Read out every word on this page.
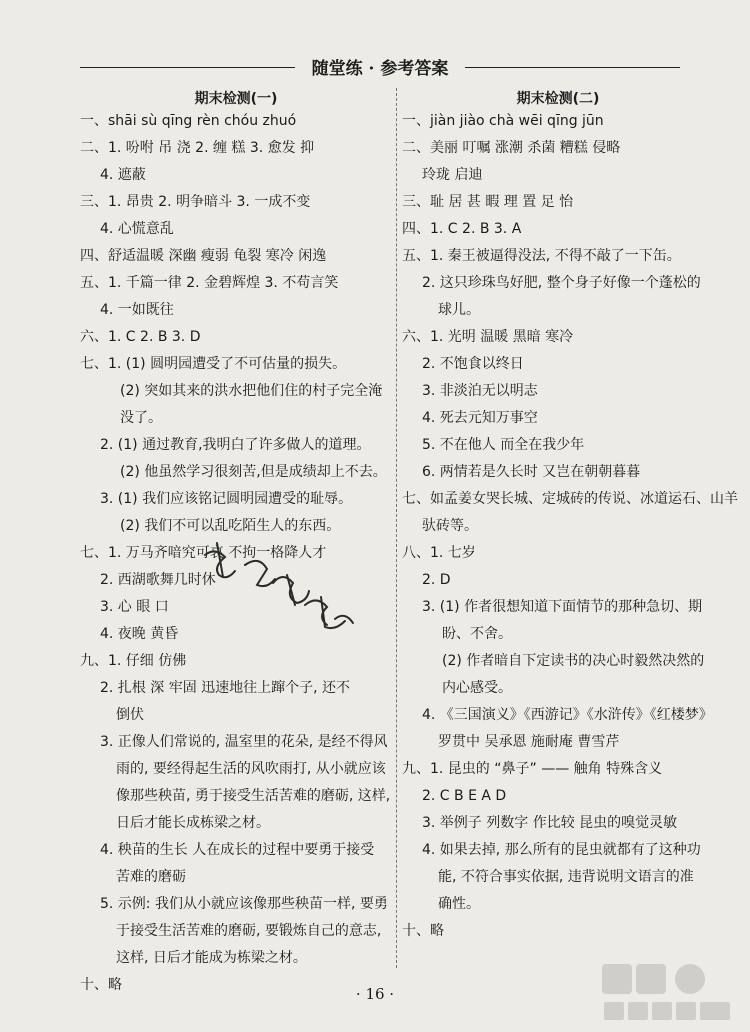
随堂练 · 参考答案
期末检测(一)
一、shāi sù qīng rèn chóu zhuó
二、1. 吩咐 吊 浇 2. 缠 糕 3. 愈发 抑
4. 遮蔽
三、1. 昂贵 2. 明争暗斗 3. 一成不变
4. 心慌意乱
四、舒适温暖 深幽 瘦弱 龟裂 寒冷 闲逸
五、1. 千篇一律 2. 金碧辉煌 3. 不苟言笑
4. 一如既往
六、1. C 2. B 3. D
七、1. (1) 圆明园遭受了不可估量的损失。
(2) 突如其来的洪水把他们住的村子完全淹
没了。
2. (1) 通过教育,我明白了许多做人的道理。
(2) 他虽然学习很刻苦,但是成绩却上不去。
3. (1) 我们应该铭记圆明园遭受的耻辱。
(2) 我们不可以乱吃陌生人的东西。
七、1. 万马齐喑究可哀 不拘一格降人才
2. 西湖歌舞几时休
3. 心 眼 口
4. 夜晚 黄昏
九、1. 仔细 仿佛
2. 扎根 深 牢固 迅速地往上蹿个子, 还不
倒伏
3. 正像人们常说的, 温室里的花朵, 是经不得风
雨的, 要经得起生活的风吹雨打, 从小就应该
像那些秧苗, 勇于接受生活苦难的磨砺, 这样,
日后才能长成栋梁之材。
4. 秧苗的生长 人在成长的过程中要勇于接受
苦难的磨砺
5. 示例: 我们从小就应该像那些秧苗一样, 要勇
于接受生活苦难的磨砺, 要锻炼自己的意志,
这样, 日后才能成为栋梁之材。
十、略
期末检测(二)
一、jiàn jiào chà wēi qīng jūn
二、美丽 叮嘱 涨潮 杀菌 糟糕 侵略
玲珑 启迪
三、耻 居 甚 暇 理 置 足 怡
四、1. C 2. B 3. A
五、1. 秦王被逼得没法, 不得不敲了一下缶。
2. 这只珍珠鸟好肥, 整个身子好像一个蓬松的
球儿。
六、1. 光明 温暖 黑暗 寒冷
2. 不饱食以终日
3. 非淡泊无以明志
4. 死去元知万事空
5. 不在他人 而全在我少年
6. 两情若是久长时 又岂在朝朝暮暮
七、如孟姜女哭长城、定城砖的传说、冰道运石、山羊
驮砖等。
八、1. 七岁
2. D
3. (1) 作者很想知道下面情节的那种急切、期
盼、不舍。
(2) 作者暗自下定读书的决心时毅然决然的
内心感受。
4. 《三国演义》《西游记》《水浒传》《红楼梦》
罗贯中 吴承恩 施耐庵 曹雪芹
九、1. 昆虫的 “鼻子” —— 触角 特殊含义
2. C B E A D
3. 举例子 列数字 作比较 昆虫的嗅觉灵敏
4. 如果去掉, 那么所有的昆虫就都有了这种功
能, 不符合事实依据, 违背说明文语言的准
确性。
十、略
· 16 ·
